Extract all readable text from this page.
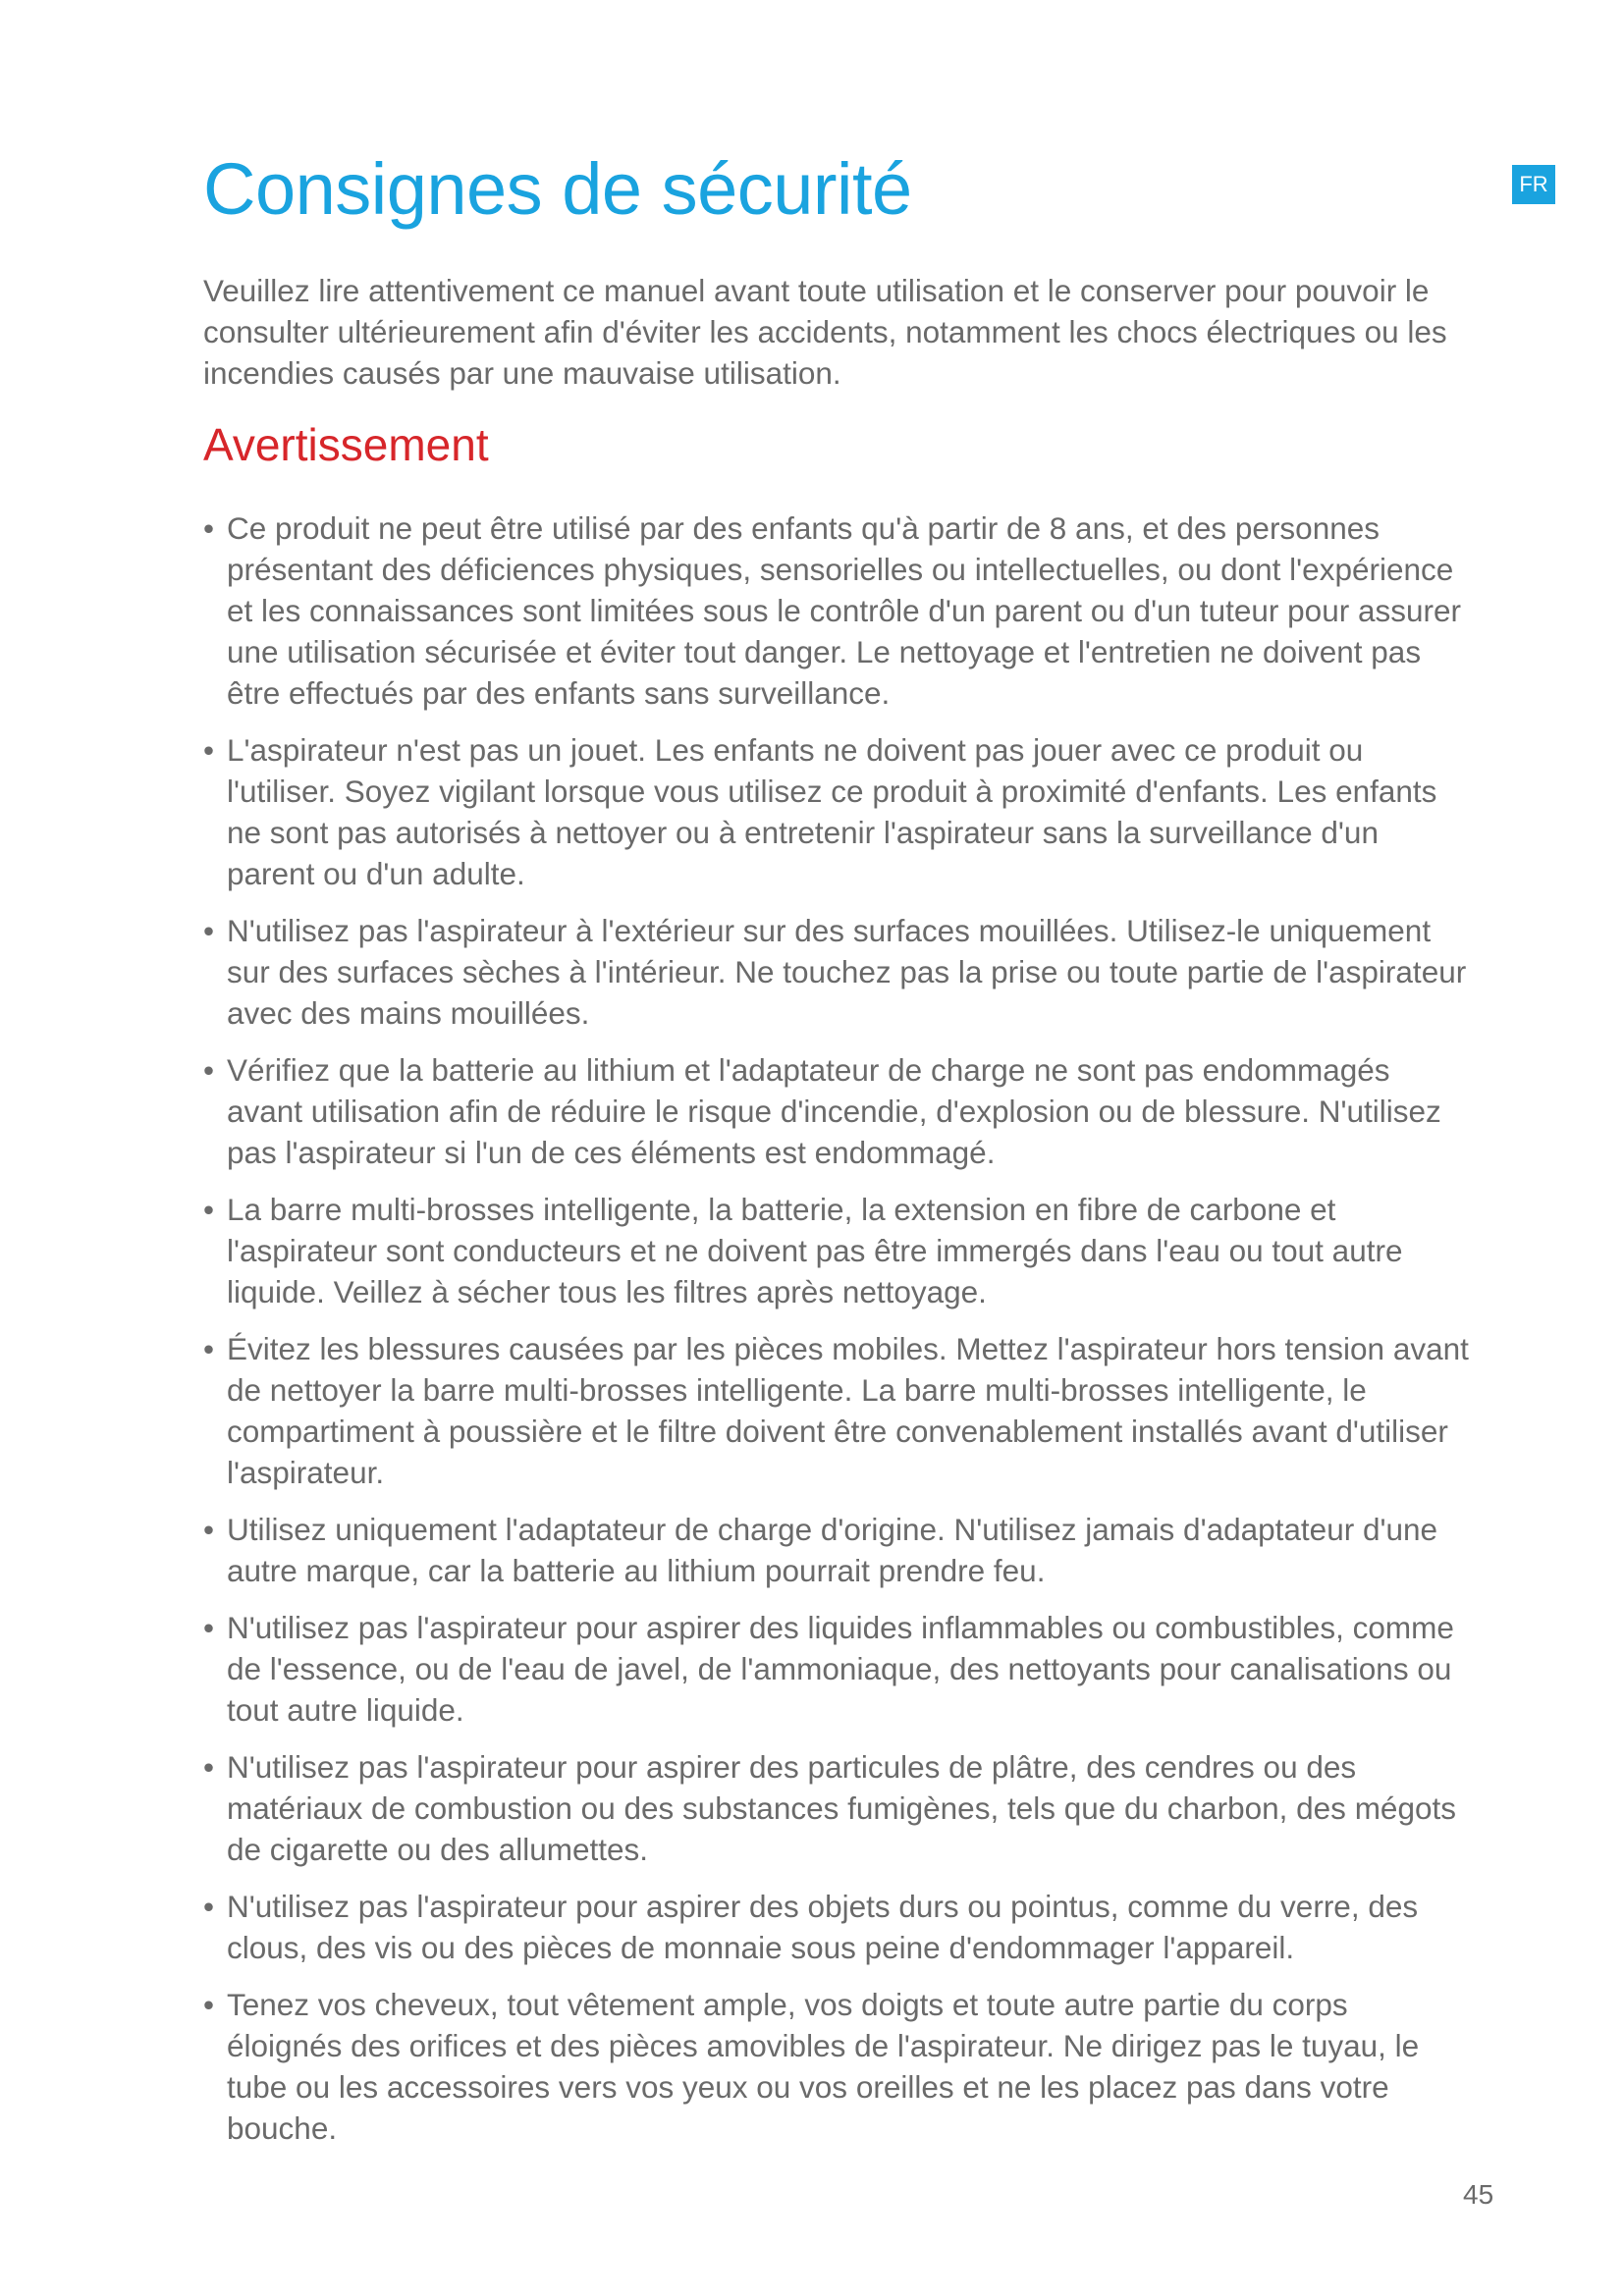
Consignes de sécurité	FR

Veuillez lire attentivement ce manuel avant toute utilisation et le conserver pour pouvoir le consulter ultérieurement afin d'éviter les accidents, notamment les chocs électriques ou les incendies causés par une mauvaise utilisation.

Avertissement
• Ce produit ne peut être utilisé par des enfants qu'à partir de 8 ans, et des personnes présentant des déficiences physiques, sensorielles ou intellectuelles, ou dont l'expérience et les connaissances sont limitées sous le contrôle d'un parent ou d'un tuteur pour assurer une utilisation sécurisée et éviter tout danger. Le nettoyage et l'entretien ne doivent pas être effectués par des enfants sans surveillance.
• L'aspirateur n'est pas un jouet. Les enfants ne doivent pas jouer avec ce produit ou l'utiliser. Soyez vigilant lorsque vous utilisez ce produit à proximité d'enfants. Les enfants ne sont pas autorisés à nettoyer ou à entretenir l'aspirateur sans la surveillance d'un parent ou d'un adulte.
• N'utilisez pas l'aspirateur à l'extérieur sur des surfaces mouillées. Utilisez-le uniquement sur des surfaces sèches à l'intérieur. Ne touchez pas la prise ou toute partie de l'aspirateur avec des mains mouillées.
• Vérifiez que la batterie au lithium et l'adaptateur de charge ne sont pas endommagés avant utilisation afin de réduire le risque d'incendie, d'explosion ou de blessure. N'utilisez pas l'aspirateur si l'un de ces éléments est endommagé.
• La barre multi-brosses intelligente, la batterie, la extension en fibre de carbone et l'aspirateur sont conducteurs et ne doivent pas être immergés dans l'eau ou tout autre liquide. Veillez à sécher tous les filtres après nettoyage.
• Évitez les blessures causées par les pièces mobiles. Mettez l'aspirateur hors tension avant de nettoyer la barre multi-brosses intelligente. La barre multi-brosses intelligente, le compartiment à poussière et le filtre doivent être convenablement installés avant d'utiliser l'aspirateur.
• Utilisez uniquement l'adaptateur de charge d'origine. N'utilisez jamais d'adaptateur d'une autre marque, car la batterie au lithium pourrait prendre feu.
• N'utilisez pas l'aspirateur pour aspirer des liquides inflammables ou combustibles, comme de l'essence, ou de l'eau de javel, de l'ammoniaque, des nettoyants pour canalisations ou tout autre liquide.
• N'utilisez pas l'aspirateur pour aspirer des particules de plâtre, des cendres ou des matériaux de combustion ou des substances fumigènes, tels que du charbon, des mégots de cigarette ou des allumettes.
• N'utilisez pas l'aspirateur pour aspirer des objets durs ou pointus, comme du verre, des clous, des vis ou des pièces de monnaie sous peine d'endommager l'appareil.
• Tenez vos cheveux, tout vêtement ample, vos doigts et toute autre partie du corps éloignés des orifices et des pièces amovibles de l'aspirateur. Ne dirigez pas le tuyau, le tube ou les accessoires vers vos yeux ou vos oreilles et ne les placez pas dans votre bouche.
45
